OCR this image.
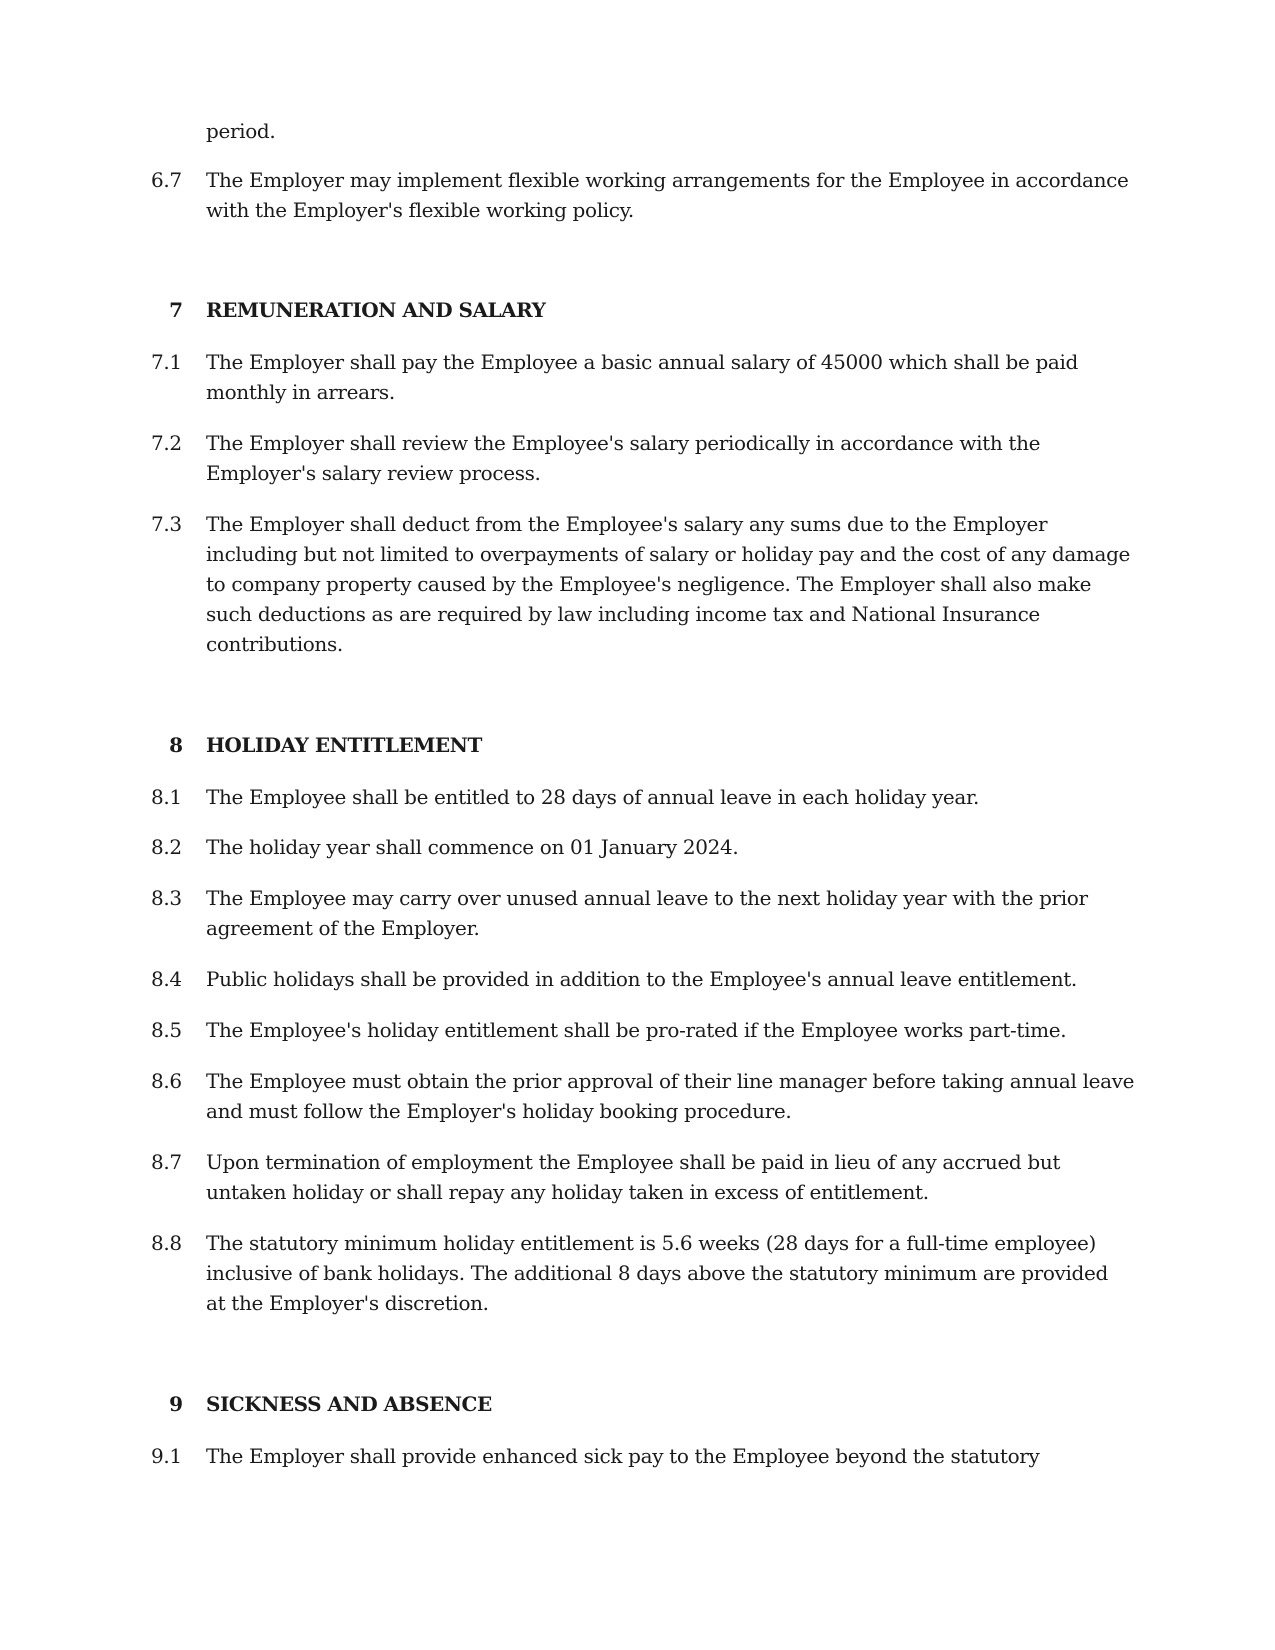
period.
6.7	The Employer may implement flexible working arrangements for the Employee in accordance
with the Employer's flexible working policy.
7 REMUNERATION AND SALARY
7.1	The Employer shall pay the Employee a basic annual salary of 45000 which shall be paid
monthly in arrears.
7.2	The Employer shall review the Employee's salary periodically in accordance with the
Employer's salary review process.
7.3	The Employer shall deduct from the Employee's salary any sums due to the Employer
including but not limited to overpayments of salary or holiday pay and the cost of any damage
to company property caused by the Employee's negligence. The Employer shall also make
such deductions as are required by law including income tax and National Insurance
contributions.
8 HOLIDAY ENTITLEMENT
8.1	The Employee shall be entitled to 28 days of annual leave in each holiday year.
8.2	The holiday year shall commence on 01 January 2024.
8.3	The Employee may carry over unused annual leave to the next holiday year with the prior
agreement of the Employer.
8.4	Public holidays shall be provided in addition to the Employee's annual leave entitlement.
8.5	The Employee's holiday entitlement shall be pro-rated if the Employee works part-time.
8.6	The Employee must obtain the prior approval of their line manager before taking annual leave
and must follow the Employer's holiday booking procedure.
8.7	Upon termination of employment the Employee shall be paid in lieu of any accrued but
untaken holiday or shall repay any holiday taken in excess of entitlement.
8.8	The statutory minimum holiday entitlement is 5.6 weeks (28 days for a full-time employee)
inclusive of bank holidays. The additional 8 days above the statutory minimum are provided
at the Employer's discretion.
9 SICKNESS AND ABSENCE
9.1	The Employer shall provide enhanced sick pay to the Employee beyond the statutory
